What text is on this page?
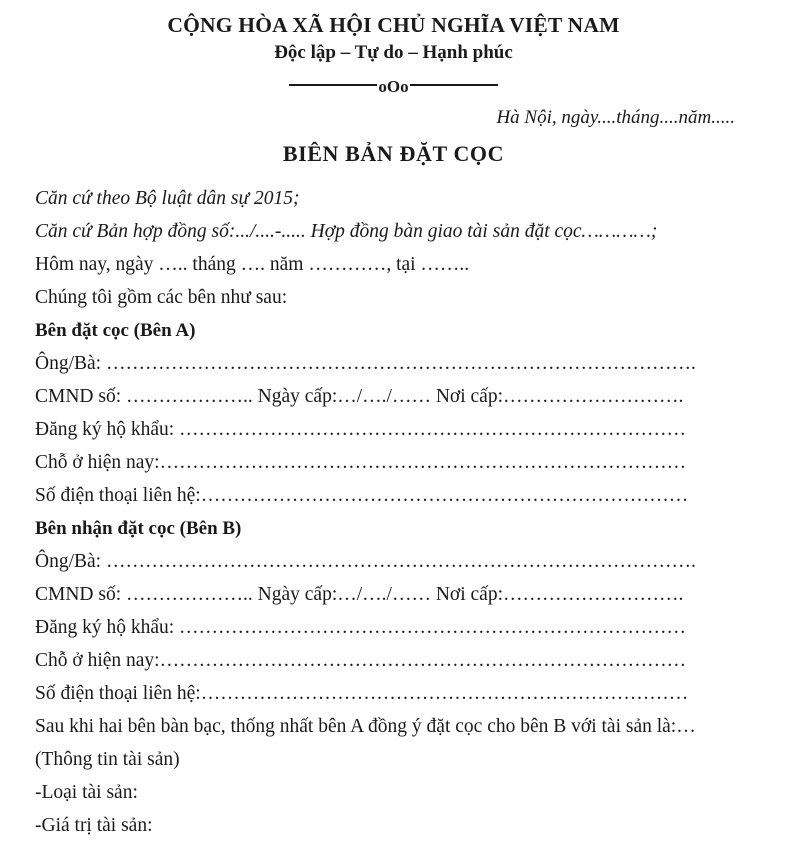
CỘNG HÒA XÃ HỘI CHỦ NGHĨA VIỆT NAM
Độc lập – Tự do – Hạnh phúc
oOo
Hà Nội, ngày....tháng....năm.....
BIÊN BẢN ĐẶT CỌC
Căn cứ theo Bộ luật dân sự 2015;
Căn cứ Bản hợp đồng số:.../....-..... Hợp đồng bàn giao tài sản đặt cọc…………;
Hôm nay, ngày ….. tháng …. năm …………, tại ……..
Chúng tôi gồm các bên như sau:
Bên đặt cọc (Bên A)
Ông/Bà: ……………………………………………………………………………….
CMND số: ……………….. Ngày cấp:…/…./…… Nơi cấp:……………………….
Đăng ký hộ khẩu: ……………………………………………………………………
Chỗ ở hiện nay:………………………………………………………………………
Số điện thoại liên hệ:…………………………………………………………………
Bên nhận đặt cọc (Bên B)
Ông/Bà: ……………………………………………………………………………….
CMND số: ……………….. Ngày cấp:…/…./…… Nơi cấp:……………………….
Đăng ký hộ khẩu: ……………………………………………………………………
Chỗ ở hiện nay:………………………………………………………………………
Số điện thoại liên hệ:…………………………………………………………………
Sau khi hai bên bàn bạc, thống nhất bên A đồng ý đặt cọc cho bên B với tài sản là:…
(Thông tin tài sản)
-Loại tài sản:
-Giá trị tài sản:
